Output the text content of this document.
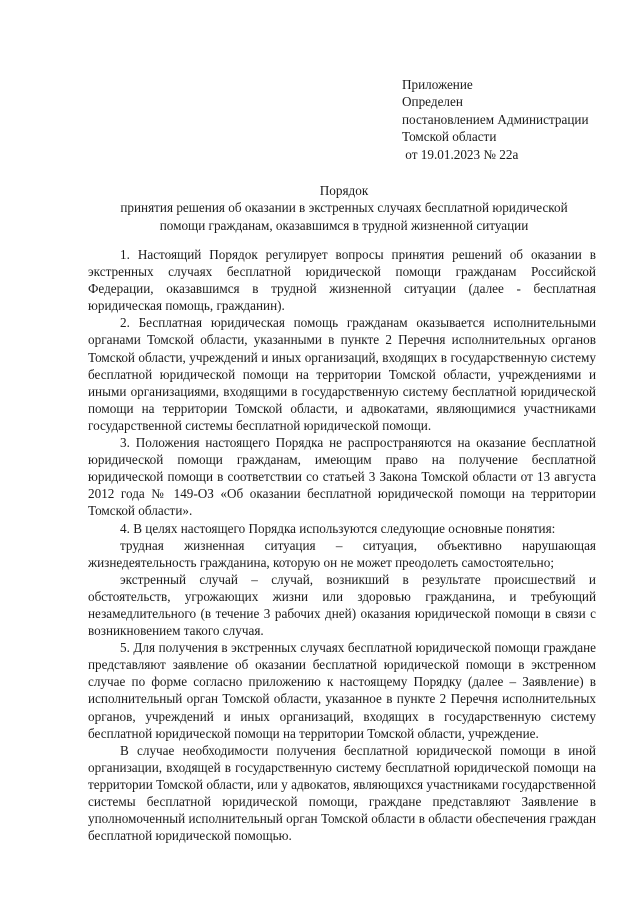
Приложение
Определен
постановлением Администрации
Томской области
от 19.01.2023 № 22а
Порядок
принятия решения об оказании в экстренных случаях бесплатной юридической
помощи гражданам, оказавшимся в трудной жизненной ситуации

1. Настоящий Порядок регулирует вопросы принятия решений об оказании в экстренных случаях бесплатной юридической помощи гражданам Российской Федерации, оказавшимся в трудной жизненной ситуации (далее - бесплатная юридическая помощь, гражданин).

2. Бесплатная юридическая помощь гражданам оказывается исполнительными органами Томской области, указанными в пункте 2 Перечня исполнительных органов Томской области, учреждений и иных организаций, входящих в государственную систему бесплатной юридической помощи на территории Томской области, учреждениями и иными организациями, входящими в государственную систему бесплатной юридической помощи на территории Томской области, и адвокатами, являющимися участниками государственной системы бесплатной юридической помощи.

3. Положения настоящего Порядка не распространяются на оказание бесплатной юридической помощи гражданам, имеющим право на получение бесплатной юридической помощи в соответствии со статьей 3 Закона Томской области от 13 августа 2012 года № 149-ОЗ «Об оказании бесплатной юридической помощи на территории Томской области».

4. В целях настоящего Порядка используются следующие основные понятия:

трудная жизненная ситуация – ситуация, объективно нарушающая жизнедеятельность гражданина, которую он не может преодолеть самостоятельно;

экстренный случай – случай, возникший в результате происшествий и обстоятельств, угрожающих жизни или здоровью гражданина, и требующий незамедлительного (в течение 3 рабочих дней) оказания юридической помощи в связи с возникновением такого случая.

5. Для получения в экстренных случаях бесплатной юридической помощи граждане представляют заявление об оказании бесплатной юридической помощи в экстренном случае по форме согласно приложению к настоящему Порядку (далее – Заявление) в исполнительный орган Томской области, указанное в пункте 2 Перечня исполнительных органов, учреждений и иных организаций, входящих в государственную систему бесплатной юридической помощи на территории Томской области, учреждение.

В случае необходимости получения бесплатной юридической помощи в иной организации, входящей в государственную систему бесплатной юридической помощи на территории Томской области, или у адвокатов, являющихся участниками государственной системы бесплатной юридической помощи, граждане представляют Заявление в уполномоченный исполнительный орган Томской области в области обеспечения граждан бесплатной юридической помощью.
